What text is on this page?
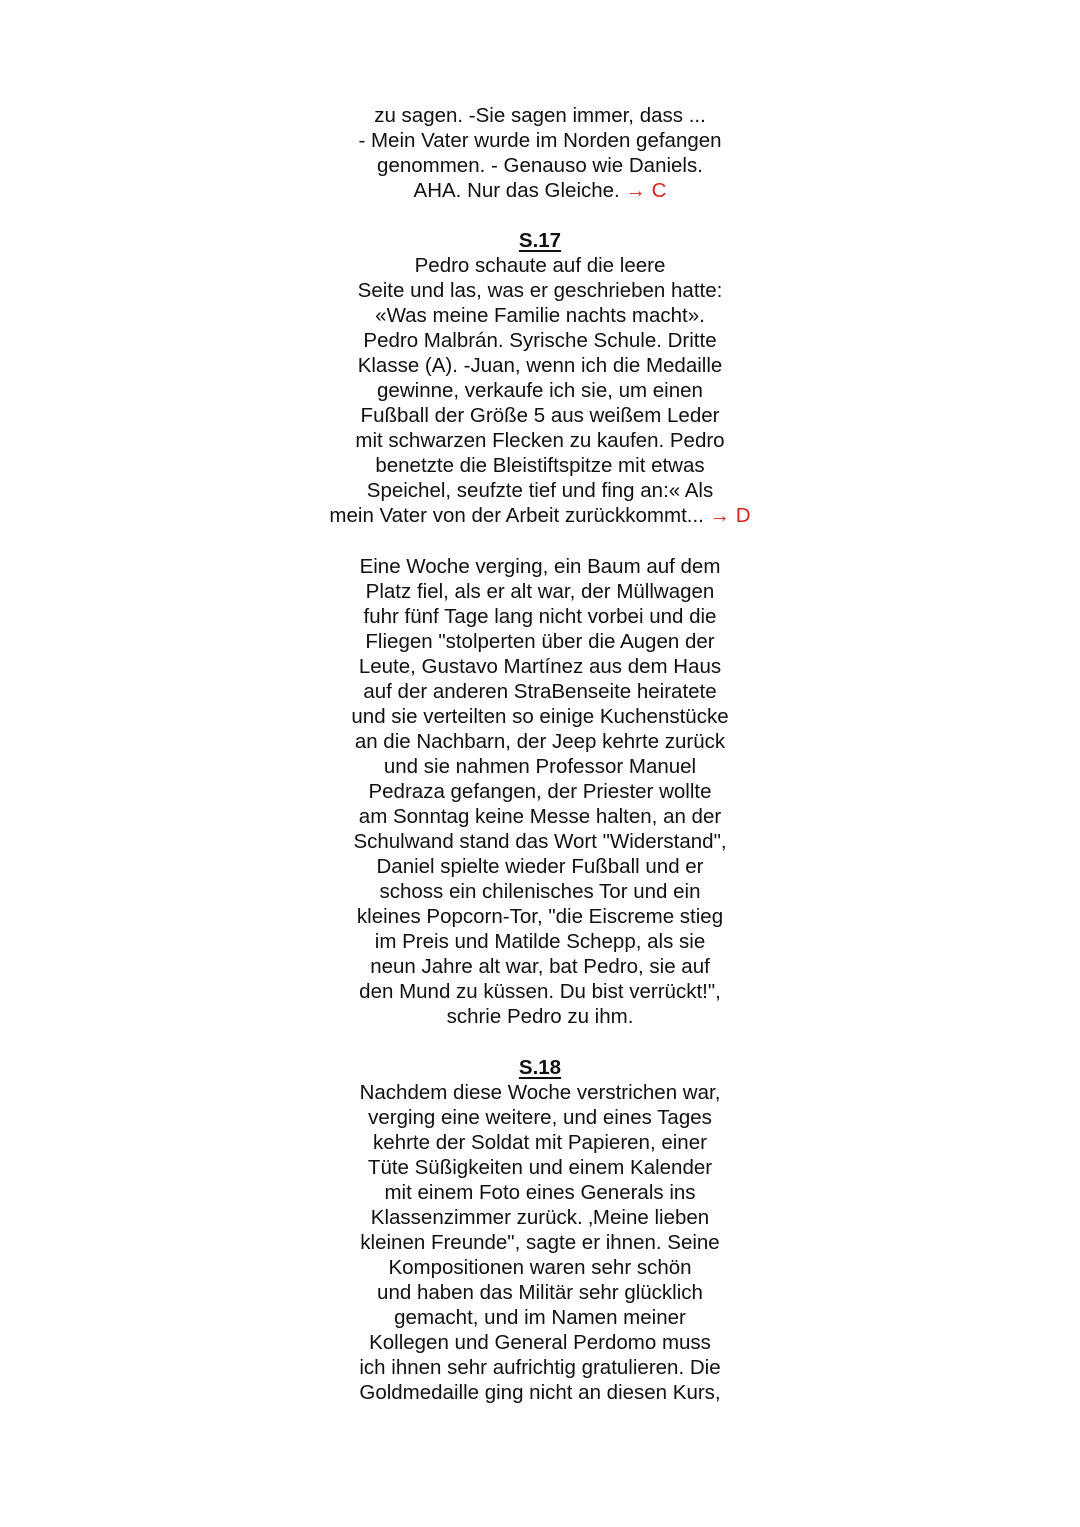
zu sagen. -Sie sagen immer, dass ...
- Mein Vater wurde im Norden gefangen
genommen. - Genauso wie Daniels.
AHA. Nur das Gleiche. → C
S.17
Pedro schaute auf die leere
Seite und las, was er geschrieben hatte:
«Was meine Familie nachts macht».
Pedro Malbrán. Syrische Schule. Dritte
Klasse (A). -Juan, wenn ich die Medaille
gewinne, verkaufe ich sie, um einen
Fußball der Größe 5 aus weißem Leder
mit schwarzen Flecken zu kaufen. Pedro
benetzte die Bleistiftspitze mit etwas
Speichel, seufzte tief und fing an:« Als
mein Vater von der Arbeit zurückkommt... → D
Eine Woche verging, ein Baum auf dem
Platz fiel, als er alt war, der Müllwagen
fuhr fünf Tage lang nicht vorbei und die
Fliegen "stolperten über die Augen der
Leute, Gustavo Martínez aus dem Haus
auf der anderen StraBenseite heiratete
und sie verteilten so einige Kuchenstücke
an die Nachbarn, der Jeep kehrte zurück
und sie nahmen Professor Manuel
Pedraza gefangen, der Priester wollte
am Sonntag keine Messe halten, an der
Schulwand stand das Wort "Widerstand",
Daniel spielte wieder Fußball und er
schoss ein chilenisches Tor und ein
kleines Popcorn-Tor, "die Eiscreme stieg
im Preis und Matilde Schepp, als sie
neun Jahre alt war, bat Pedro, sie auf
den Mund zu küssen. Du bist verrückt!",
schrie Pedro zu ihm.
S.18
Nachdem diese Woche verstrichen war,
verging eine weitere, und eines Tages
kehrte der Soldat mit Papieren, einer
Tüte Süßigkeiten und einem Kalender
mit einem Foto eines Generals ins
Klassenzimmer zurück. ‚Meine lieben
kleinen Freunde", sagte er ihnen. Seine
Kompositionen waren sehr schön
und haben das Militär sehr glücklich
gemacht, und im Namen meiner
Kollegen und General Perdomo muss
ich ihnen sehr aufrichtig gratulieren. Die
Goldmedaille ging nicht an diesen Kurs,
